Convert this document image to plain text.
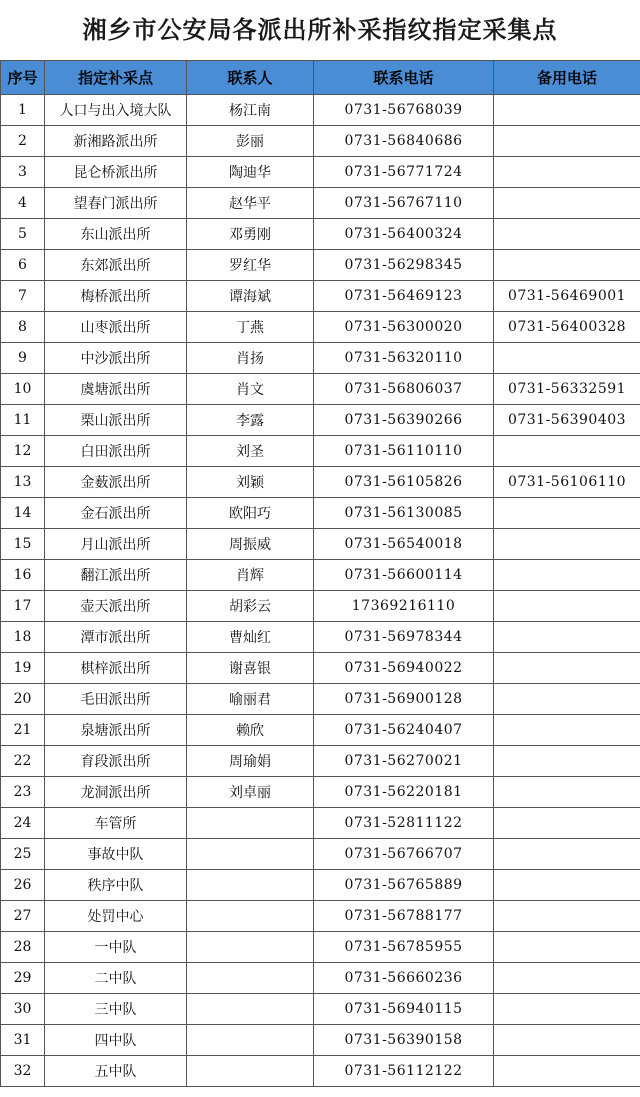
湘乡市公安局各派出所补采指纹指定采集点
序号	指定补采点	联系人	联系电话	备用电话
1	人口与出入境大队	杨江南	0731-56768039	
2	新湘路派出所	彭丽	0731-56840686	
3	昆仑桥派出所	陶迪华	0731-56771724	
4	望春门派出所	赵华平	0731-56767110	
5	东山派出所	邓勇刚	0731-56400324	
6	东郊派出所	罗红华	0731-56298345	
7	梅桥派出所	谭海斌	0731-56469123	0731-56469001
8	山枣派出所	丁燕	0731-56300020	0731-56400328
9	中沙派出所	肖扬	0731-56320110	
10	虞塘派出所	肖文	0731-56806037	0731-56332591
11	栗山派出所	李露	0731-56390266	0731-56390403
12	白田派出所	刘圣	0731-56110110	
13	金薮派出所	刘颖	0731-56105826	0731-56106110
14	金石派出所	欧阳巧	0731-56130085	
15	月山派出所	周振威	0731-56540018	
16	翻江派出所	肖辉	0731-56600114	
17	壶天派出所	胡彩云	17369216110	
18	潭市派出所	曹灿红	0731-56978344	
19	棋梓派出所	谢喜银	0731-56940022	
20	毛田派出所	喻丽君	0731-56900128	
21	泉塘派出所	赖欣	0731-56240407	
22	育段派出所	周瑜娟	0731-56270021	
23	龙洞派出所	刘卓丽	0731-56220181	
24	车管所		0731-52811122	
25	事故中队		0731-56766707	
26	秩序中队		0731-56765889	
27	处罚中心		0731-56788177	
28	一中队		0731-56785955	
29	二中队		0731-56660236	
30	三中队		0731-56940115	
31	四中队		0731-56390158	
32	五中队		0731-56112122	
